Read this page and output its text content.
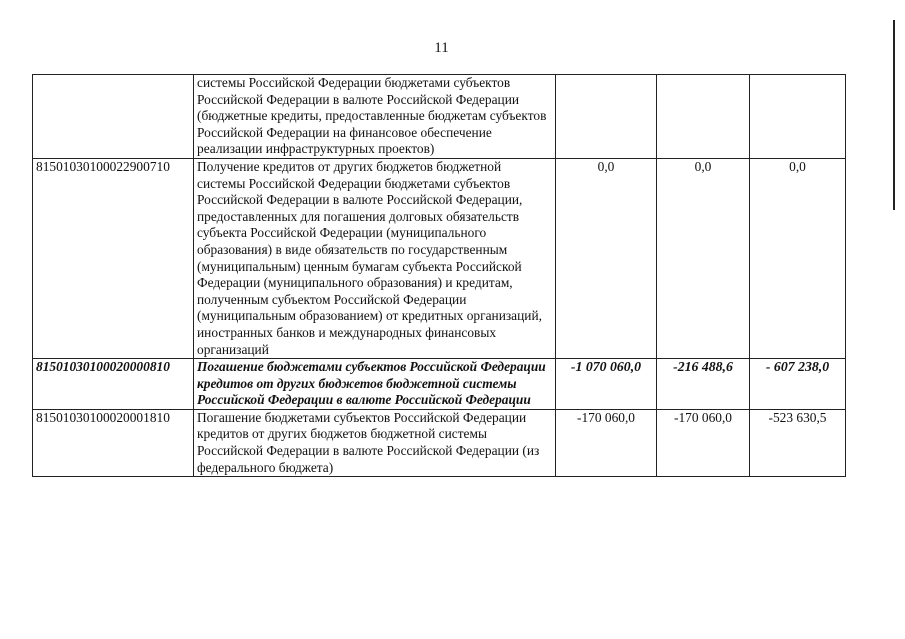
11
	системы Российской Федерации бюджетами субъектов Российской Федерации в валюте Российской Федерации (бюджетные кредиты, предоставленные бюджетам субъектов Российской Федерации на финансовое обеспечение реализации инфраструктурных проектов)			
81501030100022900710	Получение кредитов от других бюджетов бюджетной системы Российской Федерации бюджетами субъектов Российской Федерации в валюте Российской Федерации, предоставленных для погашения долговых обязательств субъекта Российской Федерации (муниципального образования) в виде обязательств по государственным (муниципальным) ценным бумагам субъекта Российской Федерации (муниципального образования) и кредитам, полученным субъектом Российской Федерации (муниципальным образованием) от кредитных организаций, иностранных банков и международных финансовых организаций	0,0	0,0	0,0
81501030100020000810	Погашение бюджетами субъектов Российской Федерации кредитов от других бюджетов бюджетной системы Российской Федерации в валюте Российской Федерации	-1 070 060,0	-216 488,6	- 607 238,0
81501030100020001810	Погашение бюджетами субъектов Российской Федерации кредитов от других бюджетов бюджетной системы Российской Федерации в валюте Российской Федерации (из федерального бюджета)	-170 060,0	-170 060,0	-523 630,5
